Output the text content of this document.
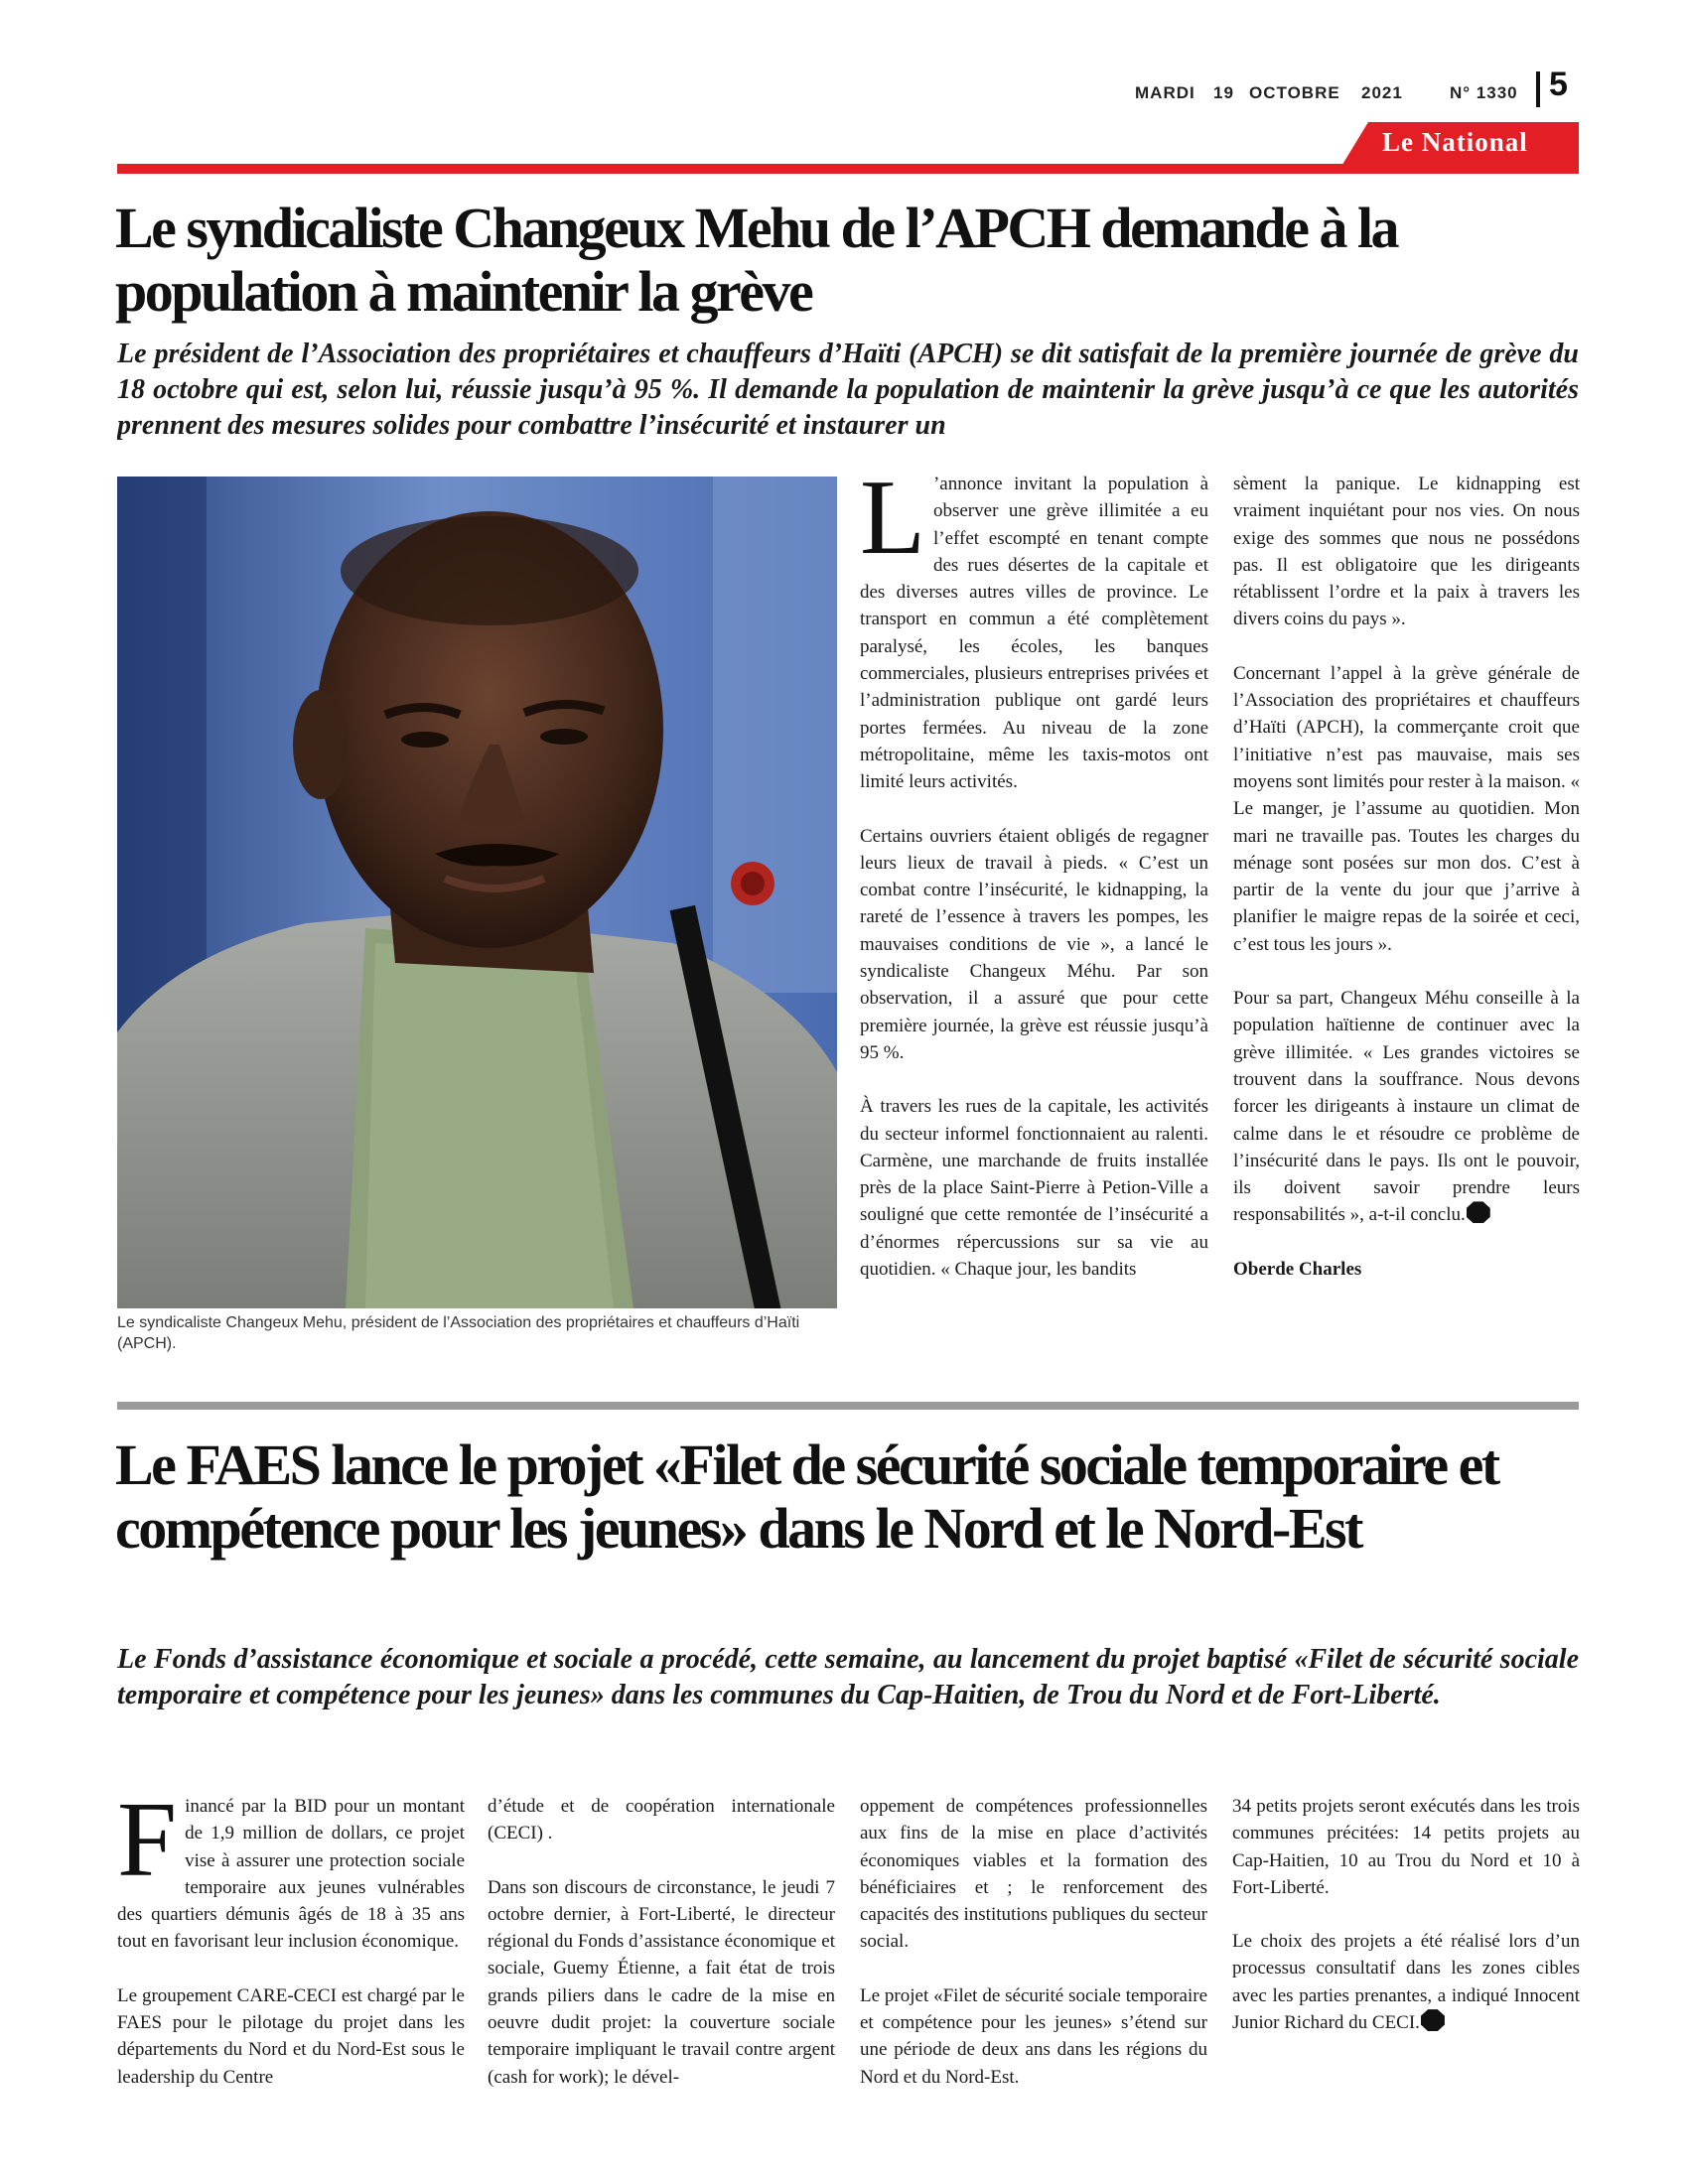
MARDI 19 OCTOBRE 2021	N° 1330 5
Le National
Le syndicaliste Changeux Mehu de l’APCH demande à la population à maintenir la grève
Le président de l’Association des propriétaires et chauffeurs d’Haïti (APCH) se dit satisfait de la première journée de grève du 18 octobre qui est, selon lui, réussie jusqu’à 95 %. Il demande la population de maintenir la grève jusqu’à ce que les autorités prennent des mesures solides pour combattre l’insécurité et instaurer un
Le syndicaliste Changeux Mehu, président de l’Association des propriétaires et chauffeurs d’Haïti (APCH).

L ’annonce invitant la population à observer une grève illimitée a eu l’effet escompté en tenant compte des rues désertes de la capitale et des diverses autres villes de province. Le transport en commun a été complètement paralysé, les écoles, les banques commerciales, plusieurs entreprises privées et l’administration publique ont gardé leurs portes fermées. Au niveau de la zone métropolitaine, même les taxis-motos ont limité leurs activités.

Certains ouvriers étaient obligés de regagner leurs lieux de travail à pieds. « C’est un combat contre l’insécurité, le kidnapping, la rareté de l’essence à travers les pompes, les mauvaises conditions de vie », a lancé le syndicaliste Changeux Méhu. Par son observation, il a assuré que pour cette première journée, la grève est réussie jusqu’à 95 %.

À travers les rues de la capitale, les activités du secteur informel fonctionnaient au ralenti. Carmène, une marchande de fruits installée près de la place Saint-Pierre à Petion-Ville a souligné que cette remontée de l’insécurité a d’énormes répercussions sur sa vie au quotidien. « Chaque jour, les bandits

sèment la panique. Le kidnapping est vraiment inquiétant pour nos vies. On nous exige des sommes que nous ne possédons pas. Il est obligatoire que les dirigeants rétablissent l’ordre et la paix à travers les divers coins du pays ».

Concernant l’appel à la grève générale de l’Association des propriétaires et chauffeurs d’Haïti (APCH), la commerçante croit que l’initiative n’est pas mauvaise, mais ses moyens sont limités pour rester à la maison. « Le manger, je l’assume au quotidien. Mon mari ne travaille pas. Toutes les charges du ménage sont posées sur mon dos. C’est à partir de la vente du jour que j’arrive à planifier le maigre repas de la soirée et ceci, c’est tous les jours ».

Pour sa part, Changeux Méhu conseille à la population haïtienne de continuer avec la grève illimitée. « Les grandes victoires se trouvent dans la souffrance. Nous devons forcer les dirigeants à instaure un climat de calme dans le et résoudre ce problème de l’insécurité dans le pays. Ils ont le pouvoir, ils doivent savoir prendre leurs responsabilités », a-t-il conclu.

Oberde Charles

Le FAES lance le projet «Filet de sécurité sociale temporaire et compétence pour les jeunes» dans le Nord et le Nord-Est
Le Fonds d’assistance économique et sociale a procédé, cette semaine, au lancement du projet baptisé «Filet de sécurité sociale temporaire et compétence pour les jeunes» dans les communes du Cap-Haitien, de Trou du Nord et de Fort-Liberté.

Financé par la BID pour un montant de 1,9 million de dollars, ce projet vise à assurer une protection sociale temporaire aux jeunes vulnérables des quartiers démunis âgés de 18 à 35 ans tout en favorisant leur inclusion économique.

Le groupement CARE-CECI est chargé par le FAES pour le pilotage du projet dans les départements du Nord et du Nord-Est sous le leadership du Centre

d’étude et de coopération internationale (CECI) .

Dans son discours de circonstance, le jeudi 7 octobre dernier, à Fort-Liberté, le directeur régional du Fonds d’assistance économique et sociale, Guemy Étienne, a fait état de trois grands piliers dans le cadre de la mise en oeuvre dudit projet: la couverture sociale temporaire impliquant le travail contre argent (cash for work); le dével-

oppement de compétences professionnelles aux fins de la mise en place d’activités économiques viables et la formation des bénéficiaires et ; le renforcement des capacités des institutions publiques du secteur social.

Le projet «Filet de sécurité sociale temporaire et compétence pour les jeunes» s’étend sur une période de deux ans dans les régions du Nord et du Nord-Est.

34 petits projets seront exécutés dans les trois communes précitées: 14 petits projets au Cap-Haitien, 10 au Trou du Nord et 10 à Fort-Liberté.

Le choix des projets a été réalisé lors d’un processus consultatif dans les zones cibles avec les parties prenantes, a indiqué Innocent Junior Richard du CECI.
